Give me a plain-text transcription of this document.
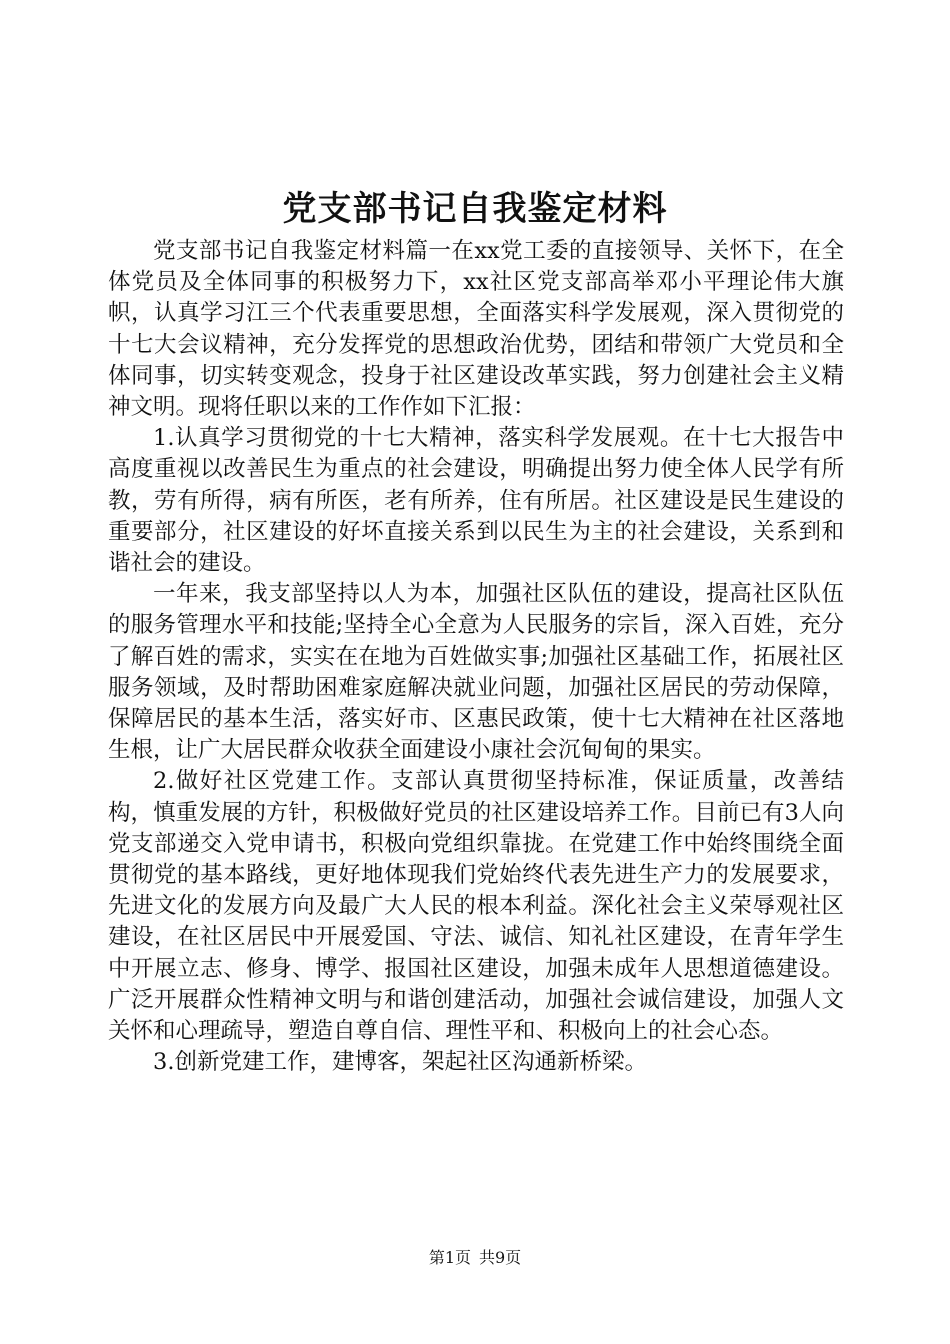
党支部书记自我鉴定材料

党支部书记自我鉴定材料篇一在xx党工委的直接领导、关怀下，在全体党员及全体同事的积极努力下，xx社区党支部高举邓小平理论伟大旗帜，认真学习江三个代表重要思想，全面落实科学发展观，深入贯彻党的十七大会议精神，充分发挥党的思想政治优势，团结和带领广大党员和全体同事，切实转变观念，投身于社区建设改革实践，努力创建社会主义精神文明。现将任职以来的工作作如下汇报：

1.认真学习贯彻党的十七大精神，落实科学发展观。在十七大报告中高度重视以改善民生为重点的社会建设，明确提出努力使全体人民学有所教，劳有所得，病有所医，老有所养，住有所居。社区建设是民生建设的重要部分，社区建设的好坏直接关系到以民生为主的社会建设，关系到和谐社会的建设。

一年来，我支部坚持以人为本，加强社区队伍的建设，提高社区队伍的服务管理水平和技能;坚持全心全意为人民服务的宗旨，深入百姓，充分了解百姓的需求，实实在在地为百姓做实事;加强社区基础工作，拓展社区服务领域，及时帮助困难家庭解决就业问题，加强社区居民的劳动保障，保障居民的基本生活，落实好市、区惠民政策，使十七大精神在社区落地生根，让广大居民群众收获全面建设小康社会沉甸甸的果实。

2.做好社区党建工作。支部认真贯彻坚持标准，保证质量，改善结构，慎重发展的方针，积极做好党员的社区建设培养工作。目前已有3人向党支部递交入党申请书，积极向党组织靠拢。在党建工作中始终围绕全面贯彻党的基本路线，更好地体现我们党始终代表先进生产力的发展要求，先进文化的发展方向及最广大人民的根本利益。深化社会主义荣辱观社区建设，在社区居民中开展爱国、守法、诚信、知礼社区建设，在青年学生中开展立志、修身、博学、报国社区建设，加强未成年人思想道德建设。广泛开展群众性精神文明与和谐创建活动，加强社会诚信建设，加强人文关怀和心理疏导，塑造自尊自信、理性平和、积极向上的社会心态。

3.创新党建工作，建博客，架起社区沟通新桥梁。

第1页 共9页
